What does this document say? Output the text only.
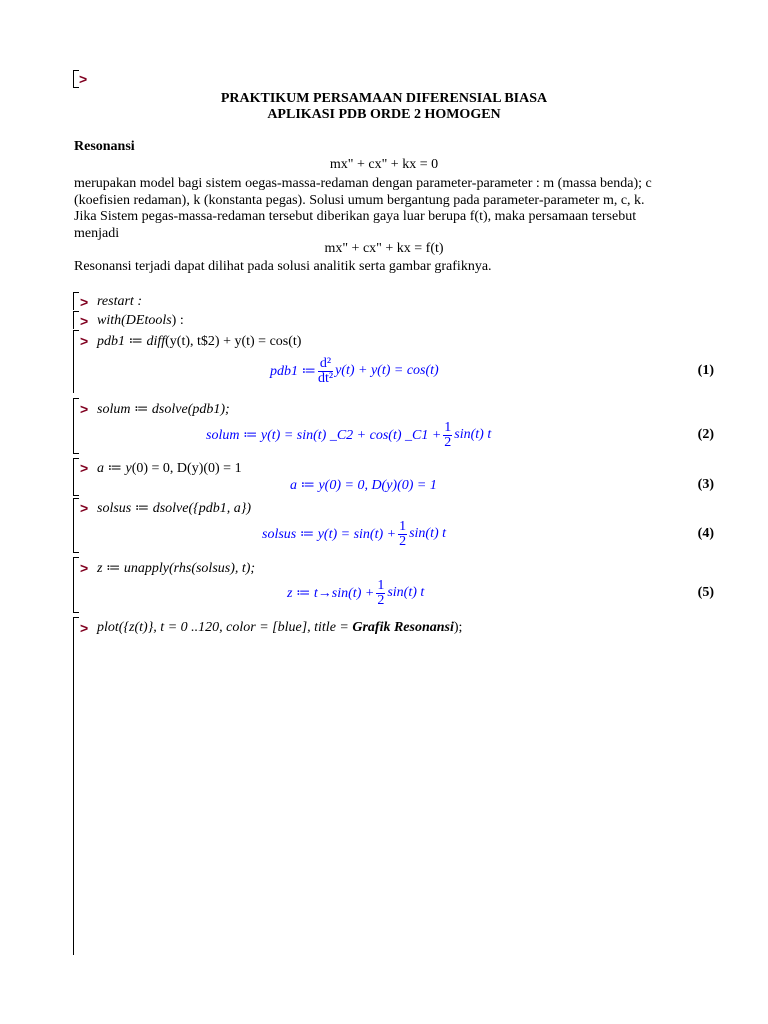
>
PRAKTIKUM PERSAMAAN DIFERENSIAL BIASA
APLIKASI PDB ORDE 2 HOMOGEN
Resonansi
mx" + cx" + kx = 0
merupakan model bagi sistem oegas-massa-redaman dengan parameter-parameter : m (massa benda); c
(koefisien redaman), k (konstanta pegas). Solusi umum bergantung pada parameter-parameter m, c, k.
Jika Sistem pegas-massa-redaman tersebut diberikan gaya luar berupa f(t), maka persamaan tersebut
menjadi
mx" + cx" + kx = f(t)
Resonansi terjadi dapat dilihat pada solusi analitik serta gambar grafiknya.
> restart :
> with(DEtools) :
> pdb1 ≔ diff(y(t), t$2) + y(t) = cos(t)
pdb1 ≔ $\frac{\text{d²}}{\text{dt²}} y(t) + y(t) = \cos(t)$	(1)
> solum ≔ dsolve(pdb1);
solum ≔ y(t) = sin(t) _C2 + cos(t) _C1 + $\frac{1}{2} \sin(t)$ t	(2)
> a ≔ y(0) = 0, D(y)(0) = 1
a ≔ y(0) = 0, D(y)(0) = 1	(3)
> solsus ≔ dsolve({pdb1, a})
solsus ≔ $y(t) = \sin(t) + \frac{1}{2} \sin(t)$ t	(4)
> z ≔ unapply(rhs(solsus), t);
z ≔ $t\to\sin(t) + \frac{1}{2} \sin(t)$ t	(5)
> plot({z(t)}, t = 0 ..120, color = [blue], title = Grafik Resonansi);
